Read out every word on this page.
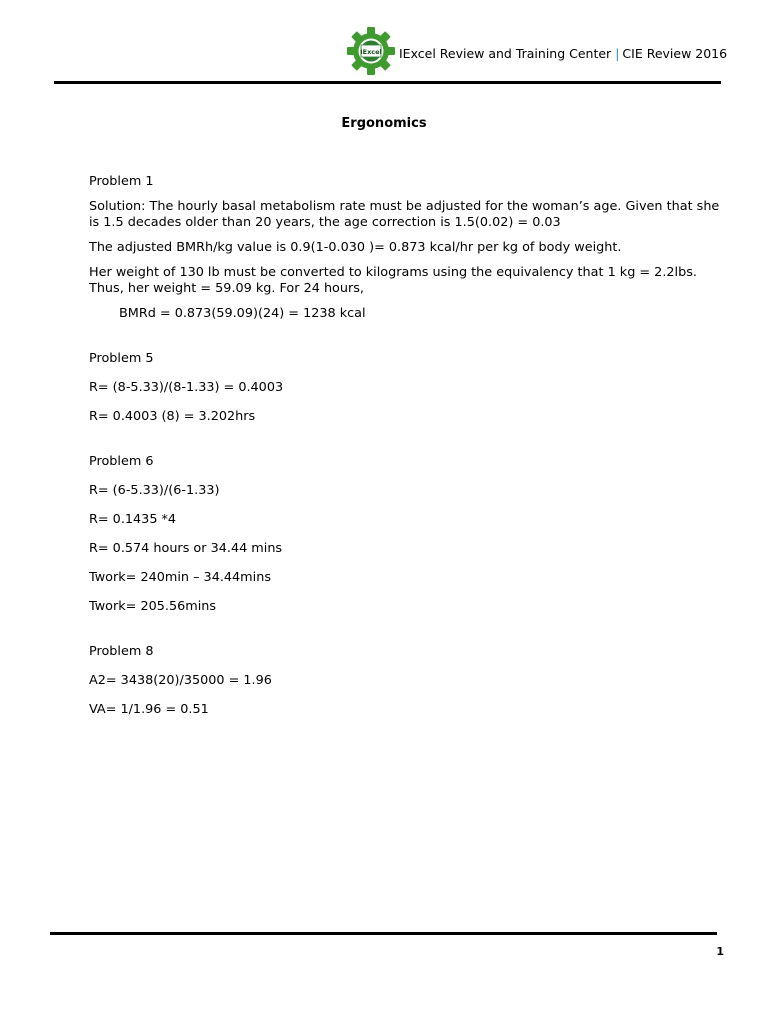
IExcel IExcel Review and Training Center | CIE Review 2016
Ergonomics

Problem 1

Solution: The hourly basal metabolism rate must be adjusted for the woman’s age. Given that she is 1.5 decades older than 20 years, the age correction is 1.5(0.02) = 0.03

The adjusted BMRh/kg value is 0.9(1-0.030 )= 0.873 kcal/hr per kg of body weight.

Her weight of 130 lb must be converted to kilograms using the equivalency that 1 kg = 2.2lbs. Thus, her weight = 59.09 kg. For 24 hours,

BMRd = 0.873(59.09)(24) = 1238 kcal

Problem 5

R= (8-5.33)/(8-1.33) = 0.4003

R= 0.4003 (8) = 3.202hrs

Problem 6

R= (6-5.33)/(6-1.33)

R= 0.1435 *4

R= 0.574 hours or 34.44 mins

Twork= 240min – 34.44mins

Twork= 205.56mins

Problem 8

A2= 3438(20)/35000 = 1.96

VA= 1/1.96 = 0.51

1
